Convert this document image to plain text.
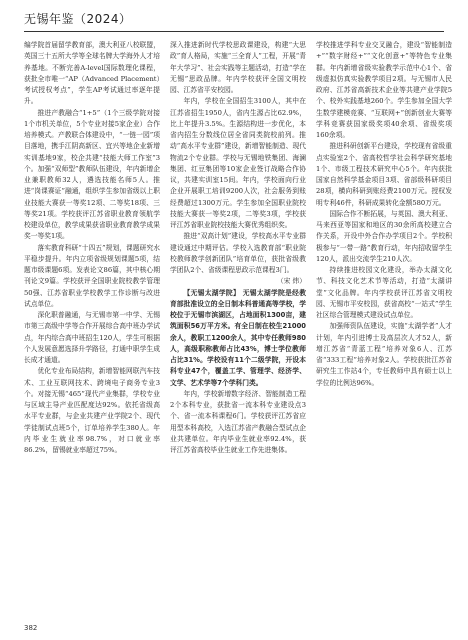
无锡年鉴（2024）

编学院首届留学教育部，澳大利亚八校联盟，英国三十五所大学等全球名牌大学海外人才培养基地。不断完善A-level国际数理化课程，获批全市唯一“AP（Advanced Placement）考试授权考点”，学生AP考试通过率逐年提升。

推进产教融合“1+5”（1个三级学院对接1个市机关单位，5个专业对接5家企业）合作培养模式。产教联合体建设中，“一链一园”项目落地，携手江阴高新区、宜兴等地企业新增实训基地9家，校企共建“技能大师工作室”3个。加强“双师型”教师队伍建设，年内新增企业兼职教师32人，遴选技能名师5人。推进“岗课赛证”融通，组织学生参加省级以上职业技能大赛获一等奖12项、二等奖18项、三等奖21项。学校获评江苏省职业教育领航学校建设单位，教学成果获省职业教育教学成果奖一等奖1项。

落实教育科研“十四五”规划，课题研究水平稳步提升。年内立项省级规划课题5项，结题市级课题6项。发表论文86篇，其中核心期刊论文9篇。学校获评全国职业院校教学管理50强、江苏省职业学校教学工作诊断与改进试点单位。

深化职普融通，与无锡市第一中学、无锡市第三高级中学等合作开展综合高中班办学试点，年内综合高中班招生120人，学生可根据个人发展意愿选择升学路径，打通中职学生成长成才通道。

优化专业布局结构，新增智能网联汽车技术、工业互联网技术、跨境电子商务专业3个。对接无锡“465”现代产业集群，学校专业与区域主导产业匹配度达92%。依托省级高水平专业群，与企业共建产业学院2个、现代学徒制试点班5个，订单培养学生380人。年内毕业生就业率98.7%，对口就业率86.2%，留锡就业率超过75%。

深入推进新时代学校思政课建设，构建“大思政”育人格局，实施“三全育人”工程，开展“青年大学习”、社会实践等主题活动，打造“学在无锡”思政品牌。年内学校获评全国文明校园、江苏省平安校园。

年内，学校在全国招生3100人，其中在江苏省招生1950人，省内生源占比62.9%，比上年提升3.5%。生源结构进一步优化，本省内招生分数线位居全省同类院校前列。推动“高水平专业群”建设，新增智能制造、现代物流2个专业群。学校与无锡地铁集团、海澜集团、红豆集团等10家企业签订战略合作协议，共建实训室15间。年内，学校面向行业企业开展职工培训9200人次，社会服务到账经费超过1300万元。学生参加全国职业院校技能大赛获一等奖2项，二等奖3项，学校获评江苏省职业院校技能大赛优秀组织奖。

推进“双高计划”建设，学校高水平专业群建设通过中期评估。学校入选教育部“职业院校教师教学创新团队”培育单位，获批省级教学团队2个、省级课程思政示范课程3门。

（宋 炜）

【无锡太湖学院】 无锡太湖学院是经教育部批准设立的全日制本科普通高等学校，学校位于无锡市滨湖区，占地面积1300亩，建筑面积56万平方米。有全日制在校生21000余人，教职工1200余人，其中专任教师980人，高级职称教师占比43%，博士学位教师占比31%。学校设有11个二级学院，开设本科专业47个，覆盖工学、管理学、经济学、文学、艺术学等7个学科门类。

年内，学校新增数字经济、智能制造工程2个本科专业，获批省一流本科专业建设点3个、省一流本科课程6门。学校获评江苏省应用型本科高校，入选江苏省产教融合型试点企业共建单位。年内毕业生就业率92.4%，获评江苏省高校毕业生就业工作先进集体。

学校推进学科专业交叉融合，建设“智能制造+”“数字财经+”“文化创意+”等特色专业集群。年内新增省级实验教学示范中心1个、省级虚拟仿真实验教学项目2项。与无锡市人民政府、江苏省高新技术企业等共建产业学院5个、校外实践基地260个。学生参加全国大学生数学建模竞赛、“互联网+”创新创业大赛等学科竞赛获国家级奖项40余项、省级奖项160余项。

推进科研创新平台建设，学校现有省级重点实验室2个、省高校哲学社会科学研究基地1个、市级工程技术研究中心5个。年内获批国家自然科学基金项目3项、省部级科研项目28项，横向科研到账经费2100万元。授权发明专利46件，科研成果转化金额580万元。

国际合作不断拓展，与英国、澳大利亚、马来西亚等国家和地区的30余所高校建立合作关系，开设中外合作办学项目2个。学校积极参与“一带一路”教育行动，年内招收留学生120人，派出交流学生210人次。

持续推进校园文化建设，举办太湖文化节、科技文化艺术节等活动，打造“太湖讲堂”文化品牌。年内学校获评江苏省文明校园、无锡市平安校园，获省高校“一站式”学生社区综合管理模式建设试点单位。

加强师资队伍建设，实施“太湖学者”人才计划，年内引进博士及高层次人才52人，新增江苏省“青蓝工程”培养对象6人、江苏省“333工程”培养对象2人。学校获批江苏省研究生工作站4个，专任教师中具有硕士以上学位的比例达96%。

382
